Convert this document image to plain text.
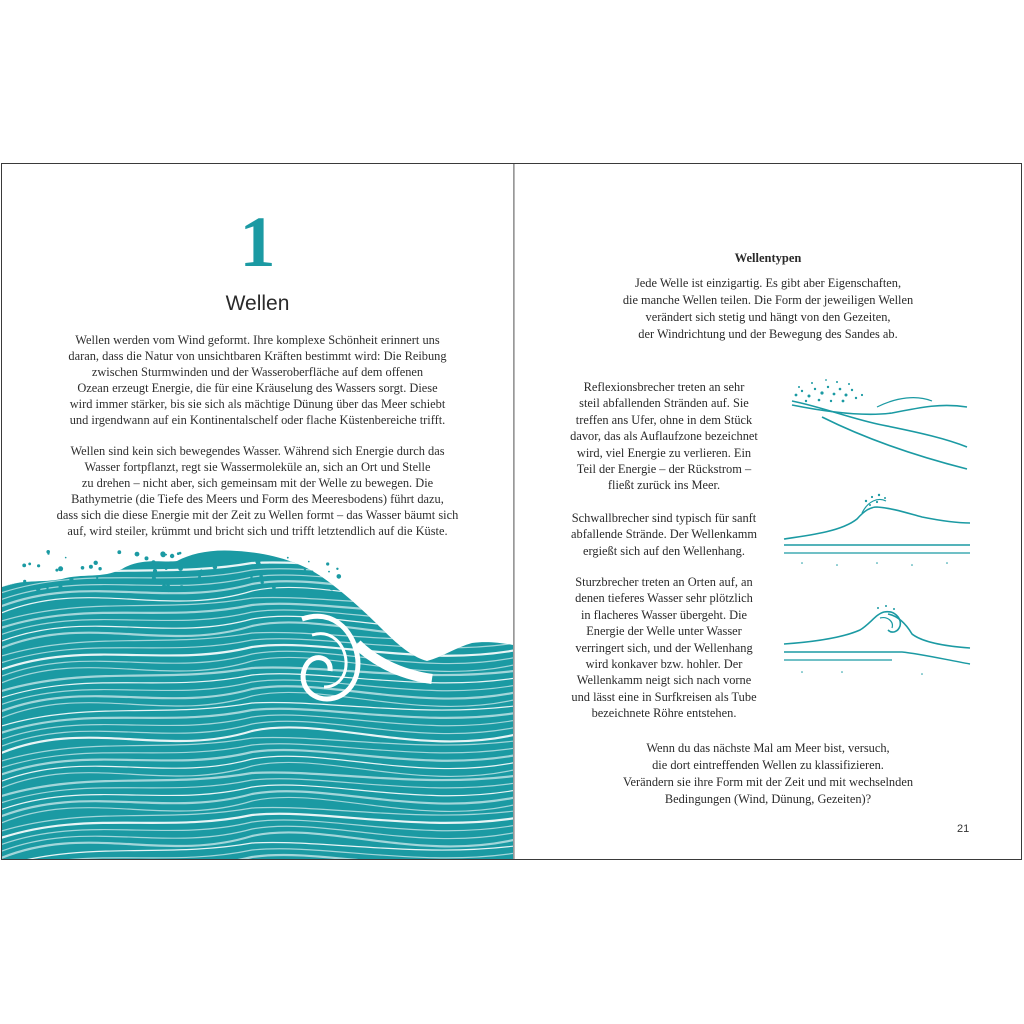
1
Wellen

Wellen werden vom Wind geformt. Ihre komplexe Schönheit erinnert uns
daran, dass die Natur von unsichtbaren Kräften bestimmt wird: Die Reibung
zwischen Sturmwinden und der Wasseroberfläche auf dem offenen
Ozean erzeugt Energie, die für eine Kräuselung des Wassers sorgt. Diese
wird immer stärker, bis sie sich als mächtige Dünung über das Meer schiebt
und irgendwann auf ein Kontinentalschelf oder flache Küstenbereiche trifft.

Wellen sind kein sich bewegendes Wasser. Während sich Energie durch das
Wasser fortpflanzt, regt sie Wassermoleküle an, sich an Ort und Stelle
zu drehen – nicht aber, sich gemeinsam mit der Welle zu bewegen. Die
Bathymetrie (die Tiefe des Meers und Form des Meeresbodens) führt dazu,
dass sich die diese Energie mit der Zeit zu Wellen formt – das Wasser bäumt sich
auf, wird steiler, krümmt und bricht sich und trifft letztendlich auf die Küste.

Wellentypen

Jede Welle ist einzigartig. Es gibt aber Eigenschaften,
die manche Wellen teilen. Die Form der jeweiligen Wellen
verändert sich stetig und hängt von den Gezeiten,
der Windrichtung und der Bewegung des Sandes ab.

Reflexionsbrecher treten an sehr
steil abfallenden Stränden auf. Sie
treffen ans Ufer, ohne in dem Stück
davor, das als Auflaufzone bezeichnet
wird, viel Energie zu verlieren. Ein
Teil der Energie – der Rückstrom –
fließt zurück ins Meer.

Schwallbrecher sind typisch für sanft
abfallende Strände. Der Wellenkamm
ergießt sich auf den Wellenhang.

Sturzbrecher treten an Orten auf, an
denen tieferes Wasser sehr plötzlich
in flacheres Wasser übergeht. Die
Energie der Welle unter Wasser
verringert sich, und der Wellenhang
wird konkaver bzw. hohler. Der
Wellenkamm neigt sich nach vorne
und lässt eine in Surfkreisen als Tube
bezeichnete Röhre entstehen.

Wenn du das nächste Mal am Meer bist, versuch,
die dort eintreffenden Wellen zu klassifizieren.
Verändern sie ihre Form mit der Zeit und mit wechselnden
Bedingungen (Wind, Dünung, Gezeiten)?

21
